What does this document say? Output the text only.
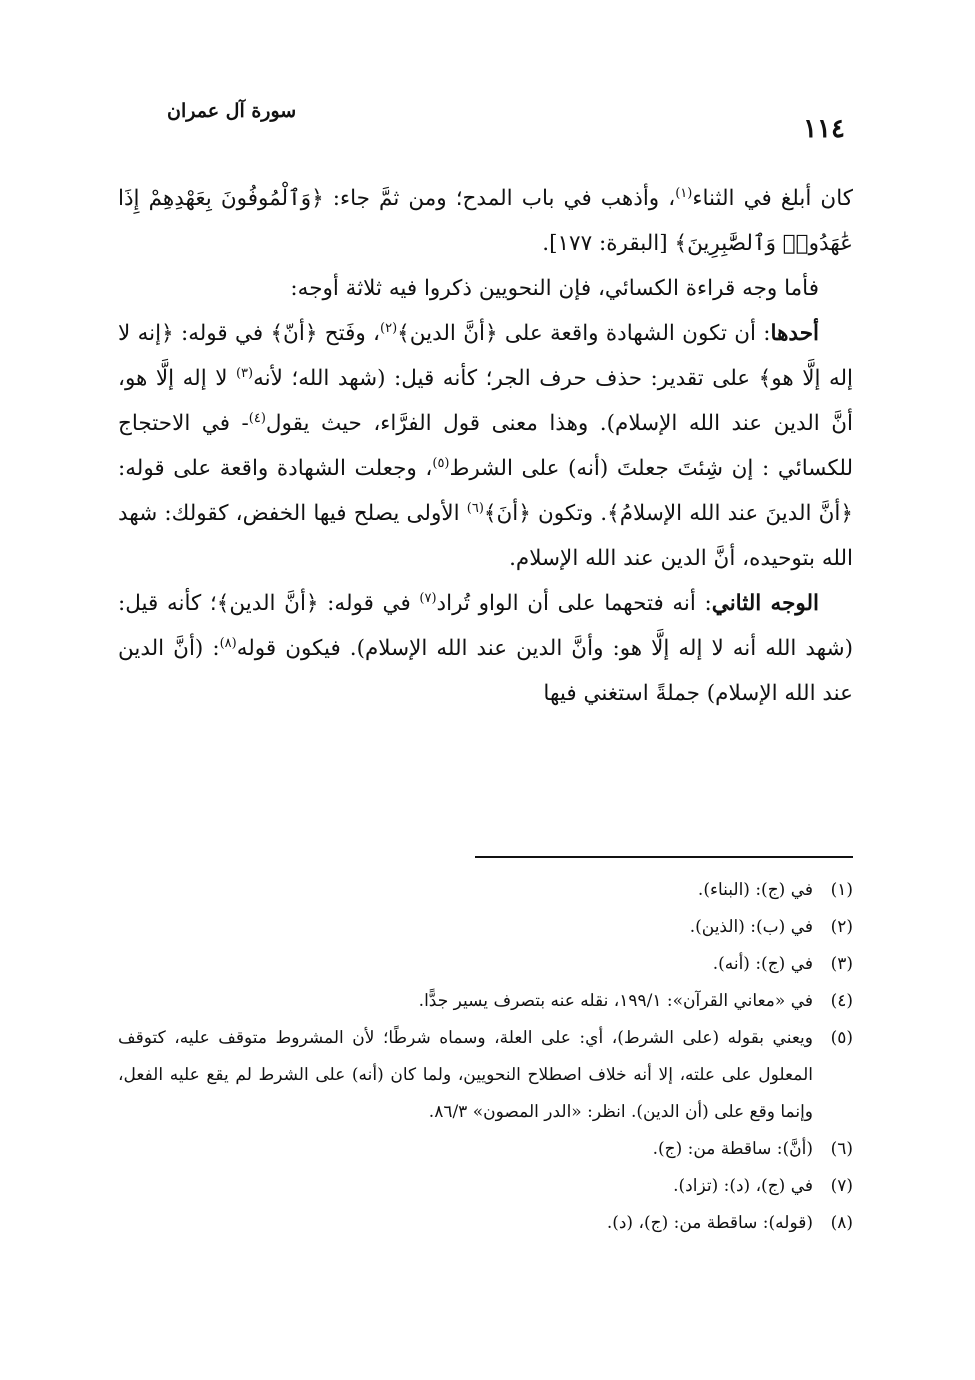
سورة آل عمران
١١٤

كان أبلغ في الثناء$^{(١)}$، وأذهب في باب المدح؛ ومن ثمَّ جاء: ﴿وَٱلْمُوفُونَ بِعَهْدِهِمْ إِذَا عَٰهَدُوا۟ وَٱلصَّٰبِرِينَ﴾ [البقرة: ١٧٧].

فأما وجه قراءة الكسائي، فإن النحويين ذكروا فيه ثلاثة أوجه:

أحدها: أن تكون الشهادة واقعة على ﴿أنَّ الدين﴾$^{(٢)}$، وفَتح ﴿أنّ﴾ في قوله: ﴿إنه لا إله إلَّا هو﴾ على تقدير: حذف حرف الجر؛ كأنه قيل: (شهد الله؛ لأنه$^{(٣)}$ لا إله إلَّا هو، أنَّ الدين عند الله الإسلام). وهذا معنى قول الفرَّاء، حيث يقول$^{(٤)}$- في الاحتجاج للكسائي : إن شِئتَ جعلتَ (أنه) على الشرط$^{(٥)}$، وجعلت الشهادة واقعة على قوله: ﴿أنَّ الدينَ عند الله الإسلامُ﴾. وتكون ﴿أنَ﴾$^{(٦)}$ الأولى يصلح فيها الخفض، كقولك: شهد الله بتوحيده، أنَّ الدين عند الله الإسلام.

الوجه الثاني: أنه فتحهما على أن الواو تُراد$^{(٧)}$ في قوله: ﴿أنَّ الدين﴾؛ كأنه قيل: (شهد الله أنه لا إله إلَّا هو: وأنَّ الدين عند الله الإسلام). فيكون قوله$^{(٨)}$: (أنَّ الدين عند الله الإسلام) جملةً استغني فيها

(١)
في (ج): (البناء).
(٢)
في (ب): (الذين).
(٣)
في (ج): (أنه).
(٤)
في «معاني القرآن»: ١٩٩/١، نقله عنه بتصرف يسير جدًّا.
(٥)
ويعني بقوله (على الشرط)، أي: على العلة، وسماه شرطًا؛ لأن المشروط متوقف عليه، كتوقف المعلول على علته، إلا أنه خلاف اصطلاح النحويين، ولما كان (أنه) على الشرط لم يقع عليه الفعل، وإنما وقع على (أن الدين). انظر: «الدر المصون» ٨٦/٣.
(٦)
(أنَّ): ساقطة من: (ج).
(٧)
في (ج)، (د): (تزاد).
(٨)
(قوله): ساقطة من: (ج)، (د).
